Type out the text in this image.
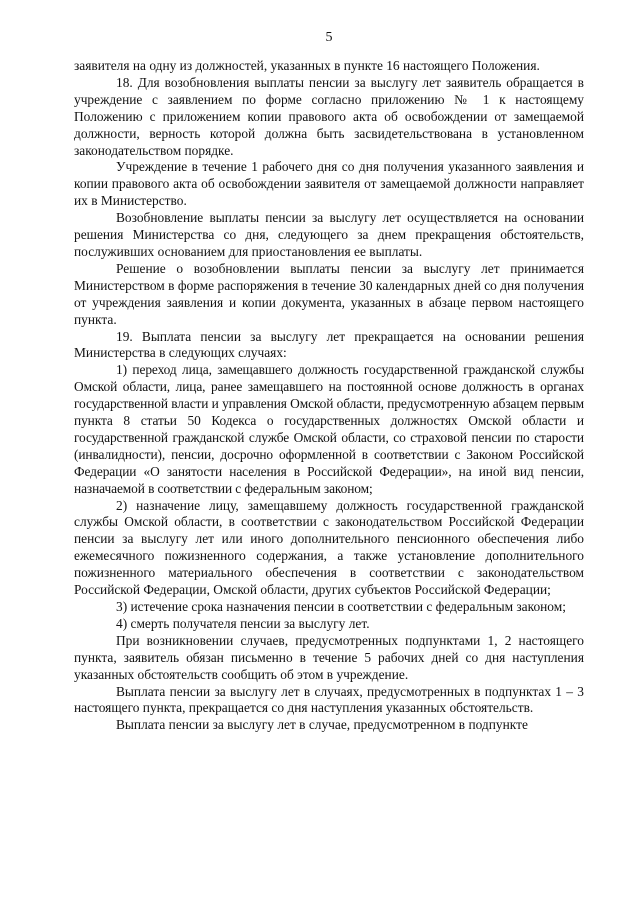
5

заявителя на одну из должностей, указанных в пункте 16 настоящего Положения.

18. Для возобновления выплаты пенсии за выслугу лет заявитель обращается в учреждение с заявлением по форме согласно приложению № 1 к настоящему Положению с приложением копии правового акта об освобождении от замещаемой должности, верность которой должна быть засвидетельствована в установленном законодательством порядке.

Учреждение в течение 1 рабочего дня со дня получения указанного заявления и копии правового акта об освобождении заявителя от замещаемой должности направляет их в Министерство.

Возобновление выплаты пенсии за выслугу лет осуществляется на основании решения Министерства со дня, следующего за днем прекращения обстоятельств, послуживших основанием для приостановления ее выплаты.

Решение о возобновлении выплаты пенсии за выслугу лет принимается Министерством в форме распоряжения в течение 30 календарных дней со дня получения от учреждения заявления и копии документа, указанных в абзаце первом настоящего пункта.

19. Выплата пенсии за выслугу лет прекращается на основании решения Министерства в следующих случаях:

1) переход лица, замещавшего должность государственной гражданской службы Омской области, лица, ранее замещавшего на постоянной основе должность в органах государственной власти и управления Омской области, предусмотренную абзацем первым пункта 8 статьи 50 Кодекса о государственных должностях Омской области и государственной гражданской службе Омской области, со страховой пенсии по старости (инвалидности), пенсии, досрочно оформленной в соответствии с Законом Российской Федерации «О занятости населения в Российской Федерации», на иной вид пенсии, назначаемой в соответствии с федеральным законом;

2) назначение лицу, замещавшему должность государственной гражданской службы Омской области, в соответствии с законодательством Российской Федерации пенсии за выслугу лет или иного дополнительного пенсионного обеспечения либо ежемесячного пожизненного содержания, а также установление дополнительного пожизненного материального обеспечения в соответствии с законодательством Российской Федерации, Омской области, других субъектов Российской Федерации;

3) истечение срока назначения пенсии в соответствии с федеральным законом;

4) смерть получателя пенсии за выслугу лет.

При возникновении случаев, предусмотренных подпунктами 1, 2 настоящего пункта, заявитель обязан письменно в течение 5 рабочих дней со дня наступления указанных обстоятельств сообщить об этом в учреждение.

Выплата пенсии за выслугу лет в случаях, предусмотренных в подпунктах 1 – 3 настоящего пункта, прекращается со дня наступления указанных обстоятельств.

Выплата пенсии за выслугу лет в случае, предусмотренном в подпункте
